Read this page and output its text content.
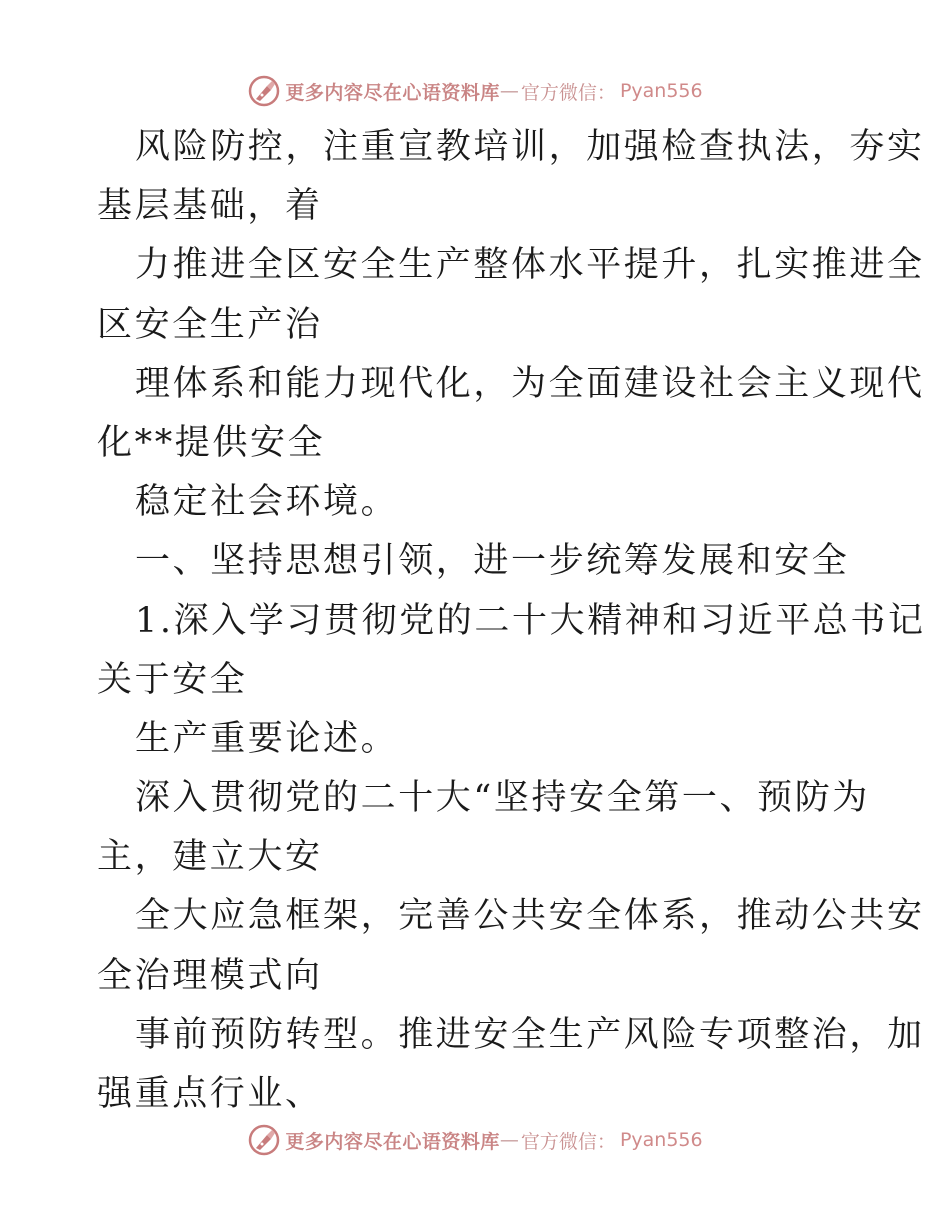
更多内容尽在心语资料库 — 官方微信： Pyan556
风险防控，注重宣教培训，加强检查执法，夯实
基层基础，着
力推进全区安全生产整体水平提升，扎实推进全
区安全生产治
理体系和能力现代化，为全面建设社会主义现代
化**提供安全
稳定社会环境。
一、坚持思想引领，进一步统筹发展和安全
1.深入学习贯彻党的二十大精神和习近平总书记
关于安全
生产重要论述。
深入贯彻党的二十大“坚持安全第一、预防为
主，建立大安
全大应急框架，完善公共安全体系，推动公共安
全治理模式向
事前预防转型。推进安全生产风险专项整治，加
强重点行业、
更多内容尽在心语资料库 — 官方微信： Pyan556
